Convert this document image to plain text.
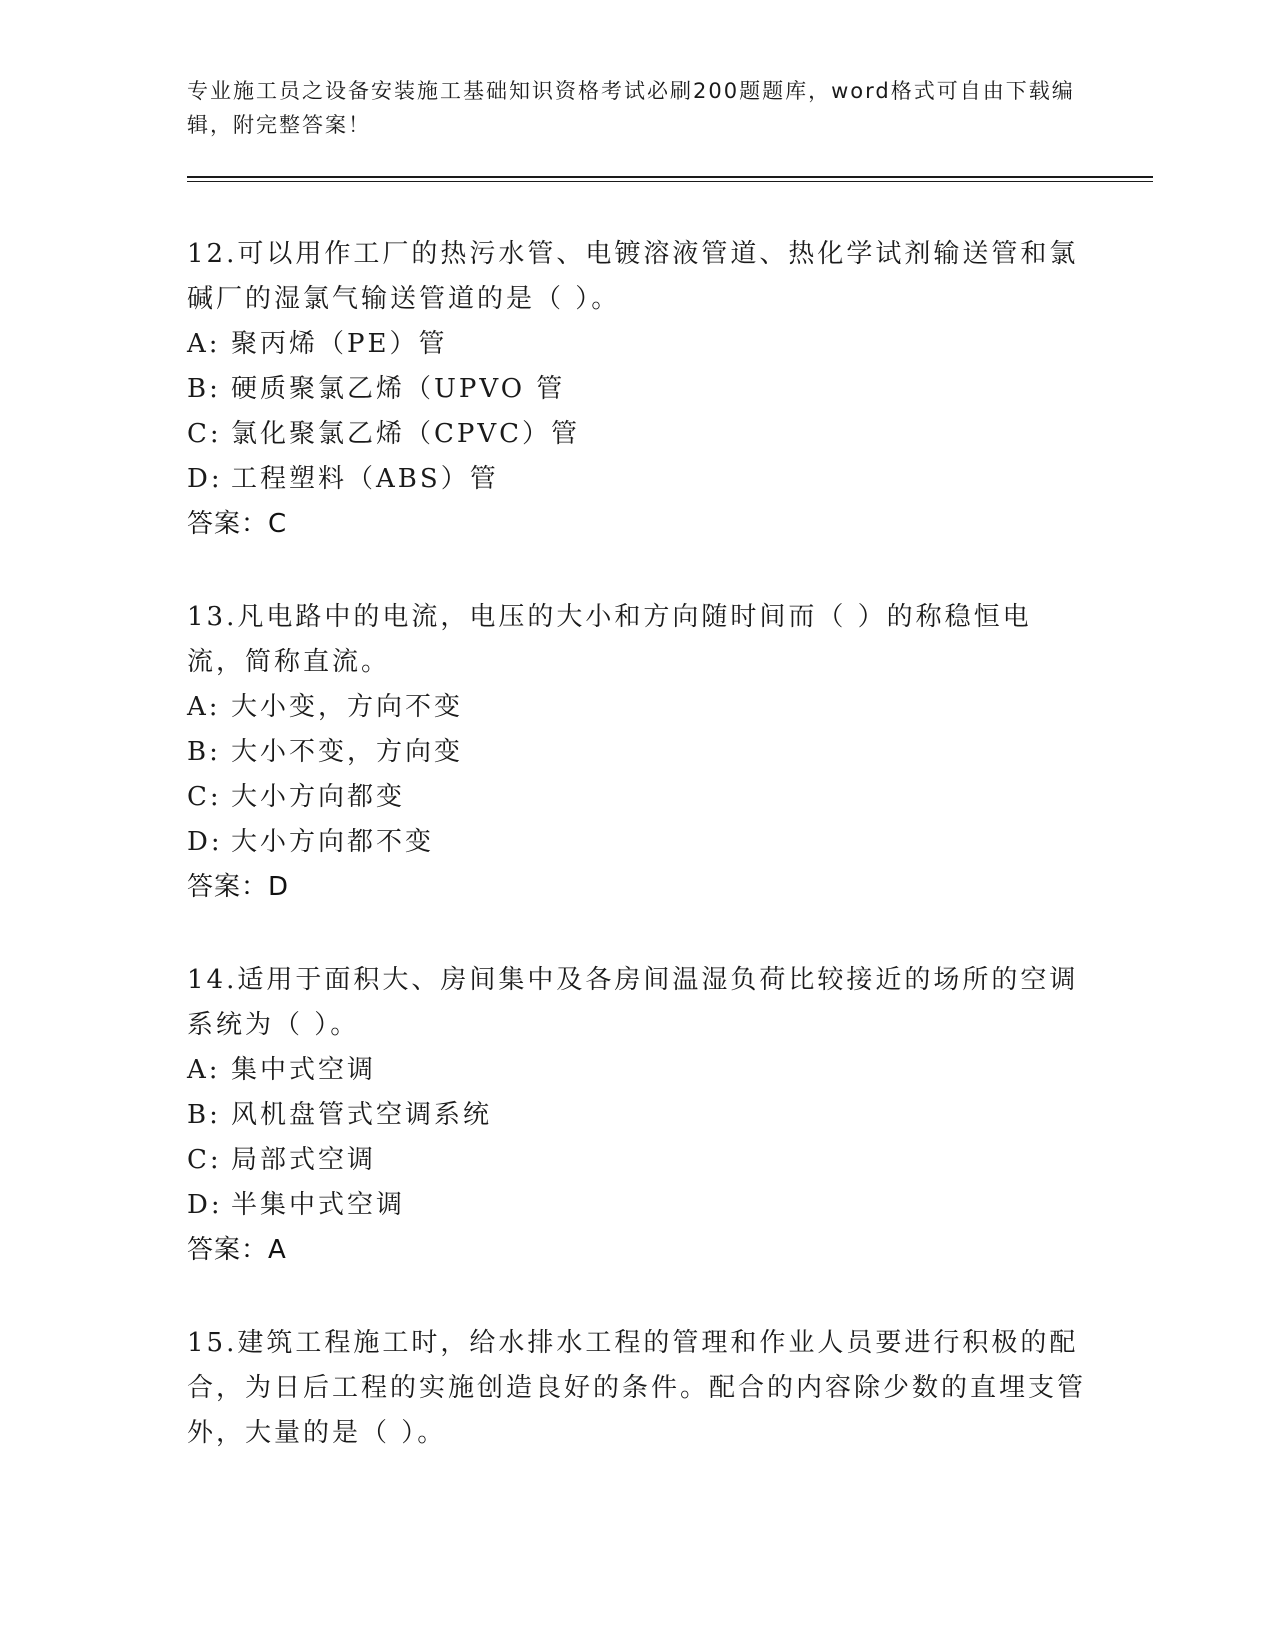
专业施工员之设备安装施工基础知识资格考试必刷200题题库，word格式可自由下载编辑，附完整答案！
12.可以用作工厂的热污水管、电镀溶液管道、热化学试剂输送管和氯碱厂的湿氯气输送管道的是（ ）。
A: 聚丙烯（PE）管
B: 硬质聚氯乙烯（UPVO 管
C: 氯化聚氯乙烯（CPVC）管
D: 工程塑料（ABS）管
答案：C
13.凡电路中的电流，电压的大小和方向随时间而（ ）的称稳恒电流，简称直流。
A: 大小变，方向不变
B: 大小不变，方向变
C: 大小方向都变
D: 大小方向都不变
答案：D
14.适用于面积大、房间集中及各房间温湿负荷比较接近的场所的空调系统为（ ）。
A: 集中式空调
B: 风机盘管式空调系统
C: 局部式空调
D: 半集中式空调
答案：A
15.建筑工程施工时，给水排水工程的管理和作业人员要进行积极的配合，为日后工程的实施创造良好的条件。配合的内容除少数的直埋支管外，大量的是（ ）。
